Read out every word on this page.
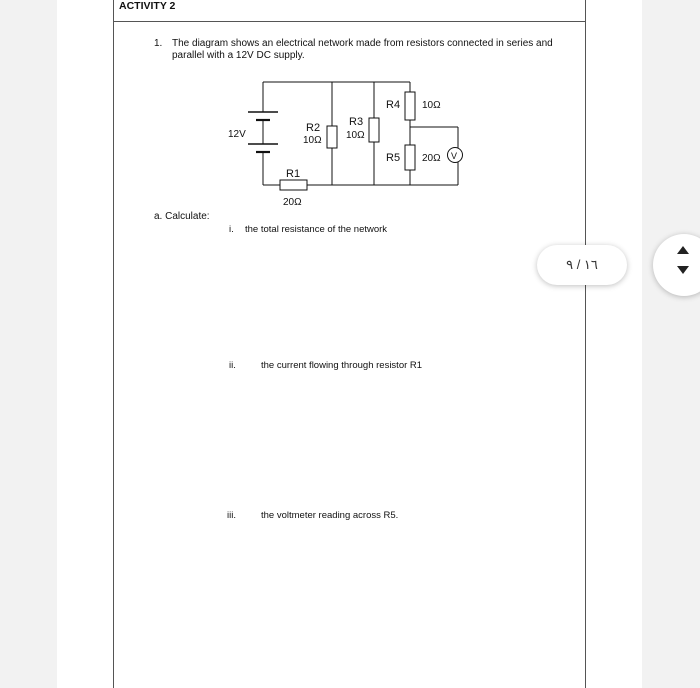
ACTIVITY 2
1. The diagram shows an electrical network made from resistors connected in series and parallel with a 12V DC supply.
12V
R1
20Ω
R2
10Ω
R3
10Ω
R4 10Ω
R5 20Ω V
a. Calculate:
i. the total resistance of the network
ii.	the current flowing through resistor R1
iii.	the voltmeter reading across R5.
١٦ / ٩
